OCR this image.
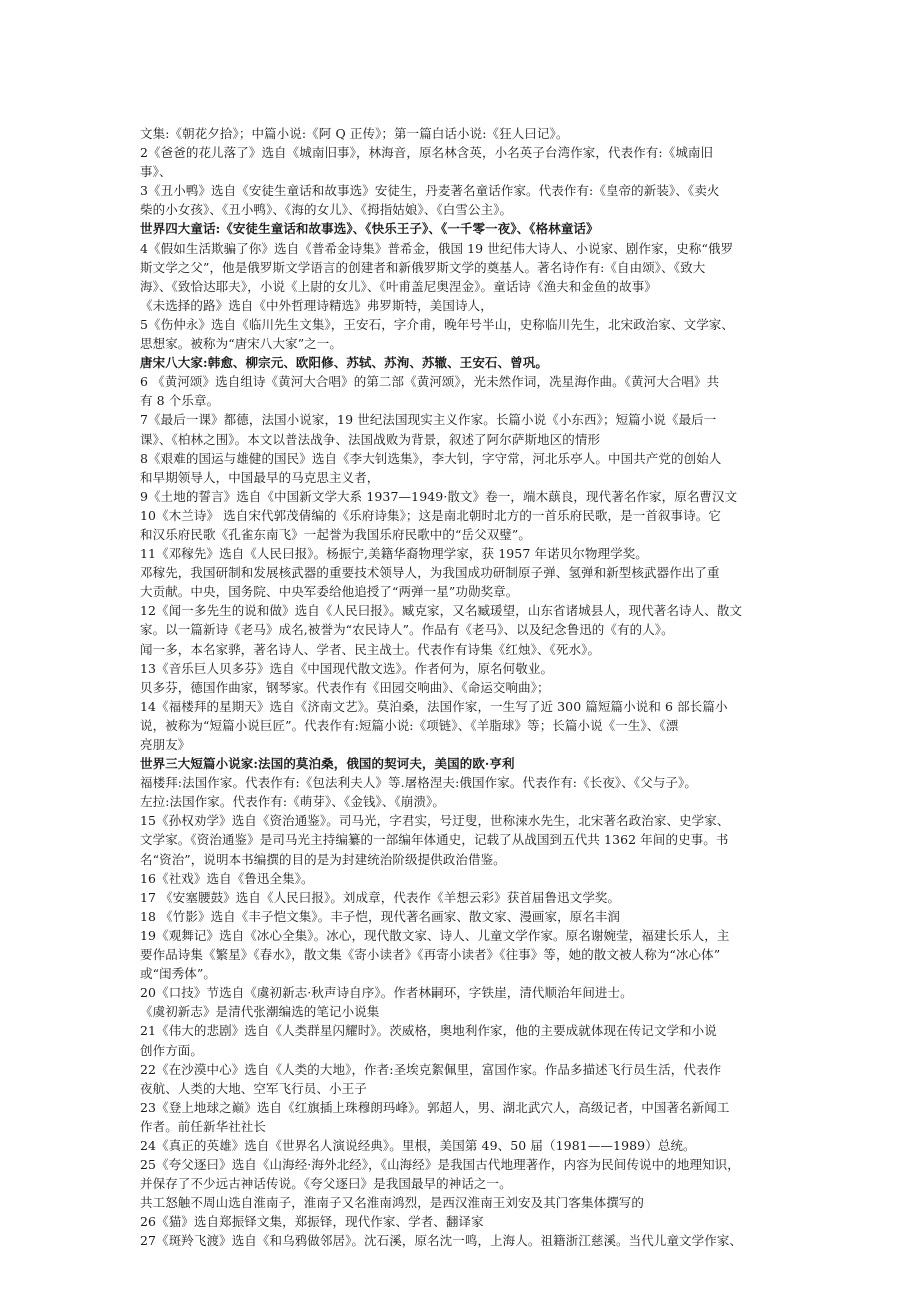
文集:《朝花夕拾》；中篇小说:《阿 Q 正传》；第一篇白话小说:《狂人曰记》。
2《爸爸的花儿落了》选自《城南旧事》，林海音，原名林含英，小名英子台湾作家，代表作有:《城南旧
事》、
3《丑小鸭》选自《安徒生童话和故事选》安徒生，丹麦著名童话作家。代表作有:《皇帝的新装》、《卖火
柴的小女孩》、《丑小鸭》、《海的女儿》、《拇指姑娘》、《白雪公主》。
世界四大童话:《安徒生童话和故事选》、《快乐王子》、《一千零一夜》、《格林童话》
4《假如生活欺骗了你》选自《普希金诗集》普希金，俄国 19 世纪伟大诗人、小说家、剧作家，史称“俄罗
斯文学之父”，他是俄罗斯文学语言的创建者和新俄罗斯文学的奠基人。著名诗作有:《自由颂》、《致大
海》、《致恰达耶夫》，小说《上尉的女儿》、《叶甫盖尼奥涅金》。童话诗《渔夫和金鱼的故事》
《未选择的路》选自《中外哲理诗精选》弗罗斯特，美国诗人，
5《伤仲永》选自《临川先生文集》，王安石，字介甫，晚年号半山，史称临川先生，北宋政治家、文学家、
思想家。被称为“唐宋八大家”之一。
唐宋八大家:韩愈、柳宗元、欧阳修、苏轼、苏洵、苏辙、王安石、曾巩。
6 《黄河颂》选自组诗《黄河大合唱》的第二部《黄河颂》，光未然作词，冼星海作曲。《黄河大合唱》共
有 8 个乐章。
7《最后一课》都德，法国小说家，19 世纪法国现实主义作家。长篇小说《小东西》；短篇小说《最后一
课》、《柏林之围》。本文以普法战争、法国战败为背景，叙述了阿尔萨斯地区的情形
8《艰难的国运与雄健的国民》选自《李大钊选集》，李大钊，字守常，河北乐亭人。中国共产党的创始人
和早期领导人，中国最早的马克思主义者，
9《土地的誓言》选自《中国新文学大系 1937—1949·散文》卷一，端木蕻良，现代著名作家，原名曹汉文
10《木兰诗》 选自宋代郭茂倩编的《乐府诗集》；这是南北朝时北方的一首乐府民歌，是一首叙事诗。它
和汉乐府民歌《孔雀东南飞》一起誉为我国乐府民歌中的“岳父双璧”。
11《邓稼先》选自《人民曰报》。杨振宁,美籍华裔物理学家，获 1957 年诺贝尔物理学奖。
邓稼先，我国研制和发展核武器的重要技术领导人，为我国成功研制原子弹、氢弹和新型核武器作出了重
大贡献。中央，国务院、中央军委给他追授了“两弹一星”功勋奖章。
12《闻一多先生的说和做》选自《人民曰报》。臧克家，又名臧瑗望，山东省诸城县人，现代著名诗人、散文
家。以一篇新诗《老马》成名,被誉为“农民诗人”。作品有《老马》、以及纪念鲁迅的《有的人》。
闻一多，本名家骅，著名诗人、学者、民主战士。代表作有诗集《红烛》、《死水》。
13《音乐巨人贝多芬》选自《中国现代散文选》。作者何为，原名何敬业。
贝多芬，德国作曲家，钢琴家。代表作有《田园交响曲》、《命运交响曲》；
14《福楼拜的星期天》选自《济南文艺》。莫泊桑，法国作家，一生写了近 300 篇短篇小说和 6 部长篇小
说，被称为“短篇小说巨匠”。代表作有:短篇小说:《项链》、《羊脂球》等；长篇小说《一生》、《漂
亮朋友》
世界三大短篇小说家:法国的莫泊桑，俄国的契诃夫，美国的欧·亨利
福楼拜:法国作家。代表作有:《包法利夫人》等.屠格涅夫:俄国作家。代表作有:《长夜》、《父与子》。
左拉:法国作家。代表作有:《萌芽》、《金钱》、《崩溃》。
15《孙权劝学》选自《资治通鉴》。司马光，字君实，号迂叟，世称涑水先生，北宋著名政治家、史学家、
文学家。《资治通鉴》是司马光主持编纂的一部编年体通史，记载了从战国到五代共 1362 年间的史事。书
名“资治”，说明本书编撰的目的是为封建统治阶级提供政治借鉴。
16《社戏》选自《鲁迅全集》。
17 《安塞腰鼓》选自《人民曰报》。刘成章，代表作《羊想云彩》获首届鲁迅文学奖。
18 《竹影》选自《丰子恺文集》。丰子恺，现代著名画家、散文家、漫画家，原名丰润
19《观舞记》选自《冰心全集》。冰心，现代散文家、诗人、儿童文学作家。原名谢婉莹，福建长乐人，主
要作品诗集《繁星》《春水》，散文集《寄小读者》《再寄小读者》《往事》等，她的散文被人称为“冰心体”
或“闺秀体”。
20《口技》节选自《虞初新志·秋声诗自序》。作者林嗣环，字铁崖，清代顺治年间进士。
《虞初新志》是清代张潮编选的笔记小说集
21《伟大的悲剧》选自《人类群星闪耀时》。茨威格，奥地利作家，他的主要成就体现在传记文学和小说
创作方面。
22《在沙漠中心》选自《人类的大地》，作者:圣埃克絮佩里，富国作家。作品多描述飞行员生活，代表作
夜航、人类的大地、空军飞行员、小王子
23《登上地球之巅》选自《红旗插上珠穆朗玛峰》。郭超人，男、湖北武穴人，高级记者，中国著名新闻工
作者。前任新华社社长
24《真正的英雄》选自《世界名人演说经典》。里根，美国第 49、50 届（1981——1989）总统。
25《夸父逐曰》选自《山海经·海外北经》，《山海经》是我国古代地理著作，内容为民间传说中的地理知识，
并保存了不少远古神话传说。《夸父逐曰》是我国最早的神话之一。
共工怒触不周山选自淮南子，淮南子又名淮南鸿烈，是西汉淮南王刘安及其门客集体撰写的
26《猫》选自郑振铎文集，郑振铎，现代作家、学者、翻译家
27《斑羚飞渡》选自《和乌鸦做邻居》。沈石溪，原名沈一鸣，上海人。祖籍浙江慈溪。当代儿童文学作家、
